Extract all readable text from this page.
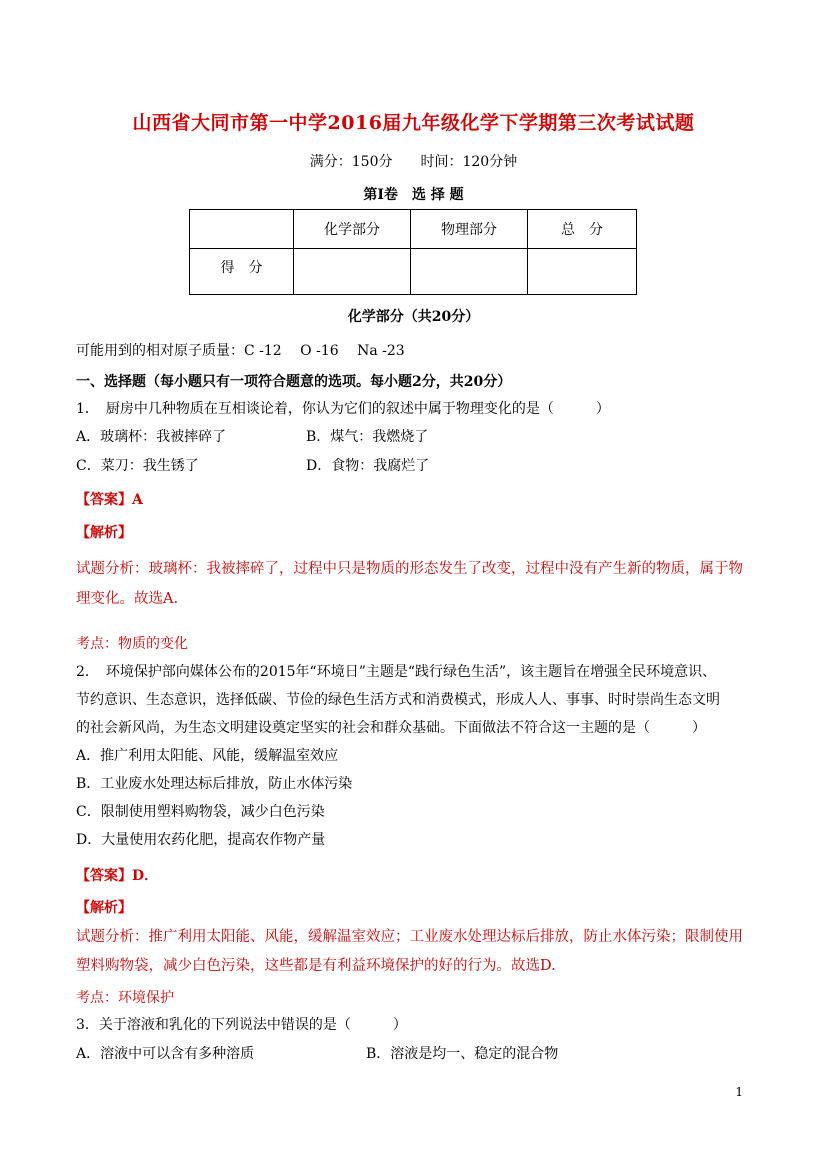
山西省大同市第一中学2016届九年级化学下学期第三次考试试题
满分：150分　　时间：120分钟
第Ⅰ卷　选 择 题
	化学部分	物理部分	总　分
得　分			
化学部分（共20分）
可能用到的相对原子质量：C -12　 O -16　 Na -23
一、选择题（每小题只有一项符合题意的选项。每小题2分，共20分）
1．　厨房中几种物质在互相谈论着，你认为它们的叙述中属于物理变化的是（　　　）
A．玻璃杯：我被摔碎了	B．煤气：我燃烧了
C．菜刀：我生锈了	D．食物：我腐烂了
【答案】A
【解析】
试题分析：玻璃杯：我被摔碎了，过程中只是物质的形态发生了改变，过程中没有产生新的物质，属于物
理变化。故选A.
考点：物质的变化
2．　环境保护部向媒体公布的2015年“环境日”主题是“践行绿色生活”，该主题旨在增强全民环境意识、
节约意识、生态意识，选择低碳、节俭的绿色生活方式和消费模式，形成人人、事事、时时崇尚生态文明
的社会新风尚，为生态文明建设奠定坚实的社会和群众基础。下面做法不符合这一主题的是（　　　）
A．推广利用太阳能、风能，缓解温室效应
B．工业废水处理达标后排放，防止水体污染
C．限制使用塑料购物袋，减少白色污染
D．大量使用农药化肥，提高农作物产量
【答案】D．
【解析】
试题分析：推广利用太阳能、风能，缓解温室效应；工业废水处理达标后排放，防止水体污染；限制使用
塑料购物袋，减少白色污染，这些都是有利益环境保护的好的行为。故选D.
考点：环境保护
3．关于溶液和乳化的下列说法中错误的是（　　　）
A．溶液中可以含有多种溶质	B．溶液是均一、稳定的混合物
1
